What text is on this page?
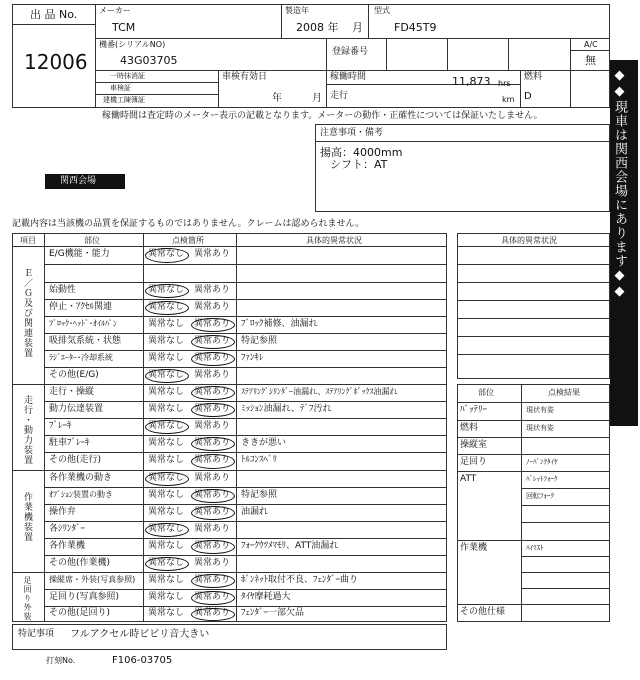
出 品 No.
12006
メーカー
TCM
製造年
2008 年 月
型式
FD45T9
機番(シリアルNO)
43G03705
登録番号
A/C
無
一時抹消証
車検証
建機工陳簿証
車検有効日
年	月
稼働時間	11,873 hrs
走行	km
燃料
D
稼働時間は査定時のメーター表示の記載となります。メーターの動作・正確性については保証いたしません。
注意事項・備考
揚高：4000mm
シフト：AT
関西会場	◆◆現車は関西会場にあります◆◆
記載内容は当該機の品質を保証するものではありません。クレームは認められません。
項目	部位	点検箇所	具体的異常状況
Ｅ／Ｇ及び関連装置
走行・動力装置
作業機装置
足回り外装
E/G機能・能力	異常なし 異常あり
始動性	異常なし 異常あり
停止・ｱｸｾﾙ関連	異常なし 異常あり
ﾌﾞﾛｯｸ･ﾍｯﾄﾞ･ｵｲﾙﾊﾟﾝ	異常なし 異常あり ﾌﾞﾛｯｸ補修、油漏れ
吸排気系統・状態	異常なし 異常あり 特記参照
ﾗｼﾞｴｰﾀｰ･冷却系統	異常なし 異常あり ﾌｧﾝｷﾚ
その他(E/G)	異常なし 異常あり
走行・操縦	異常なし 異常あり ｽﾃｱﾘﾝｸﾞｼﾘﾝﾀﾞｰ油漏れ、ｽﾃｱﾘﾝｸﾞﾎﾞｯｸｽ油漏れ
動力伝達装置	異常なし 異常あり ﾐｯｼｮﾝ油漏れ、ﾃﾞﾌ汚れ
ﾌﾞﾚｰｷ	異常なし 異常あり
駐車ﾌﾞﾚｰｷ	異常なし 異常あり ききが悪い
その他(走行)	異常なし 異常あり ﾄﾙｺﾝｽﾍﾞﾘ
各作業機の動き	異常なし 異常あり
ｵﾌﾟｼｮﾝ装置の動き	異常なし 異常あり 特記参照
操作弁	異常なし 異常あり 油漏れ
各ｼﾘﾝﾀﾞｰ	異常なし 異常あり
各作業機	異常なし 異常あり ﾌｫｰｸｳﾂﾒﾏﾓﾘ、ATT油漏れ
その他(作業機)	異常なし 異常あり
操縦席・外装(写真参照) 異常なし 異常あり ﾎﾞﾝﾈｯﾄ取付不良、ﾌｪﾝﾀﾞｰ曲り
足回り(写真参照)	異常なし 異常あり ﾀｲﾔ摩耗過大
その他(足回り)	異常なし 異常あり ﾌｪﾝﾀﾞｰ一部欠品
特記事項 フルアクセル時ビビリ音大きい
具体的異常状況
部位	点検結果
ﾊﾞｯﾃﾘｰ	現状有姿
燃料	現状有姿
操縦室
足回り	ﾉｰﾊﾟﾝｸﾀｲﾔ
ATT	ﾊﾞﾚｯﾄﾌｫｰｸ
回転ﾌｫｰｸ
作業機	ﾊｲﾏｽﾄ
その他仕様
打刻No.	F106-03705
